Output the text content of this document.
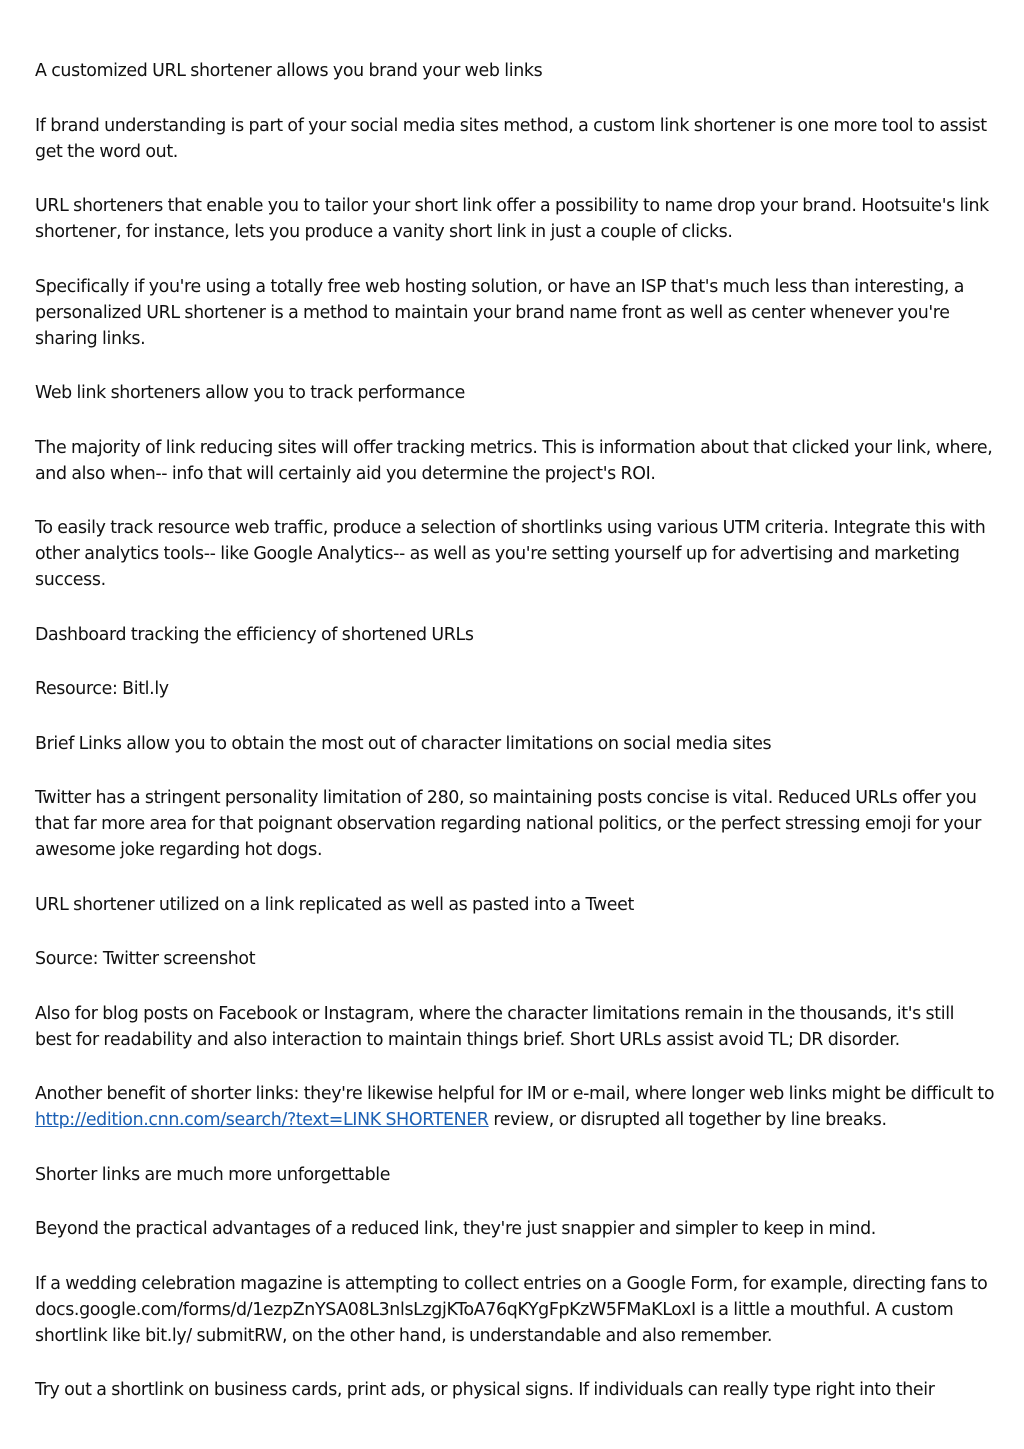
A customized URL shortener allows you brand your web links

If brand understanding is part of your social media sites method, a custom link shortener is one more tool to assist get the word out.

URL shorteners that enable you to tailor your short link offer a possibility to name drop your brand. Hootsuite's link shortener, for instance, lets you produce a vanity short link in just a couple of clicks.

Specifically if you're using a totally free web hosting solution, or have an ISP that's much less than interesting, a personalized URL shortener is a method to maintain your brand name front as well as center whenever you're sharing links.

Web link shorteners allow you to track performance

The majority of link reducing sites will offer tracking metrics. This is information about that clicked your link, where, and also when-- info that will certainly aid you determine the project's ROI.

To easily track resource web traffic, produce a selection of shortlinks using various UTM criteria. Integrate this with other analytics tools-- like Google Analytics-- as well as you're setting yourself up for advertising and marketing success.

Dashboard tracking the efficiency of shortened URLs

Resource: Bitl.ly

Brief Links allow you to obtain the most out of character limitations on social media sites

Twitter has a stringent personality limitation of 280, so maintaining posts concise is vital. Reduced URLs offer you that far more area for that poignant observation regarding national politics, or the perfect stressing emoji for your awesome joke regarding hot dogs.

URL shortener utilized on a link replicated as well as pasted into a Tweet

Source: Twitter screenshot

Also for blog posts on Facebook or Instagram, where the character limitations remain in the thousands, it's still best for readability and also interaction to maintain things brief. Short URLs assist avoid TL; DR disorder.

Another benefit of shorter links: they're likewise helpful for IM or e-mail, where longer web links might be difficult to http://edition.cnn.com/search/?text=LINK SHORTENER review, or disrupted all together by line breaks.

Shorter links are much more unforgettable

Beyond the practical advantages of a reduced link, they're just snappier and simpler to keep in mind.

If a wedding celebration magazine is attempting to collect entries on a Google Form, for example, directing fans to docs.google.com/forms/d/1ezpZnYSA08L3nlsLzgjKToA76qKYgFpKzW5FMaKLoxI is a little a mouthful. A custom shortlink like bit.ly/ submitRW, on the other hand, is understandable and also remember.

Try out a shortlink on business cards, print ads, or physical signs. If individuals can really type right into their
